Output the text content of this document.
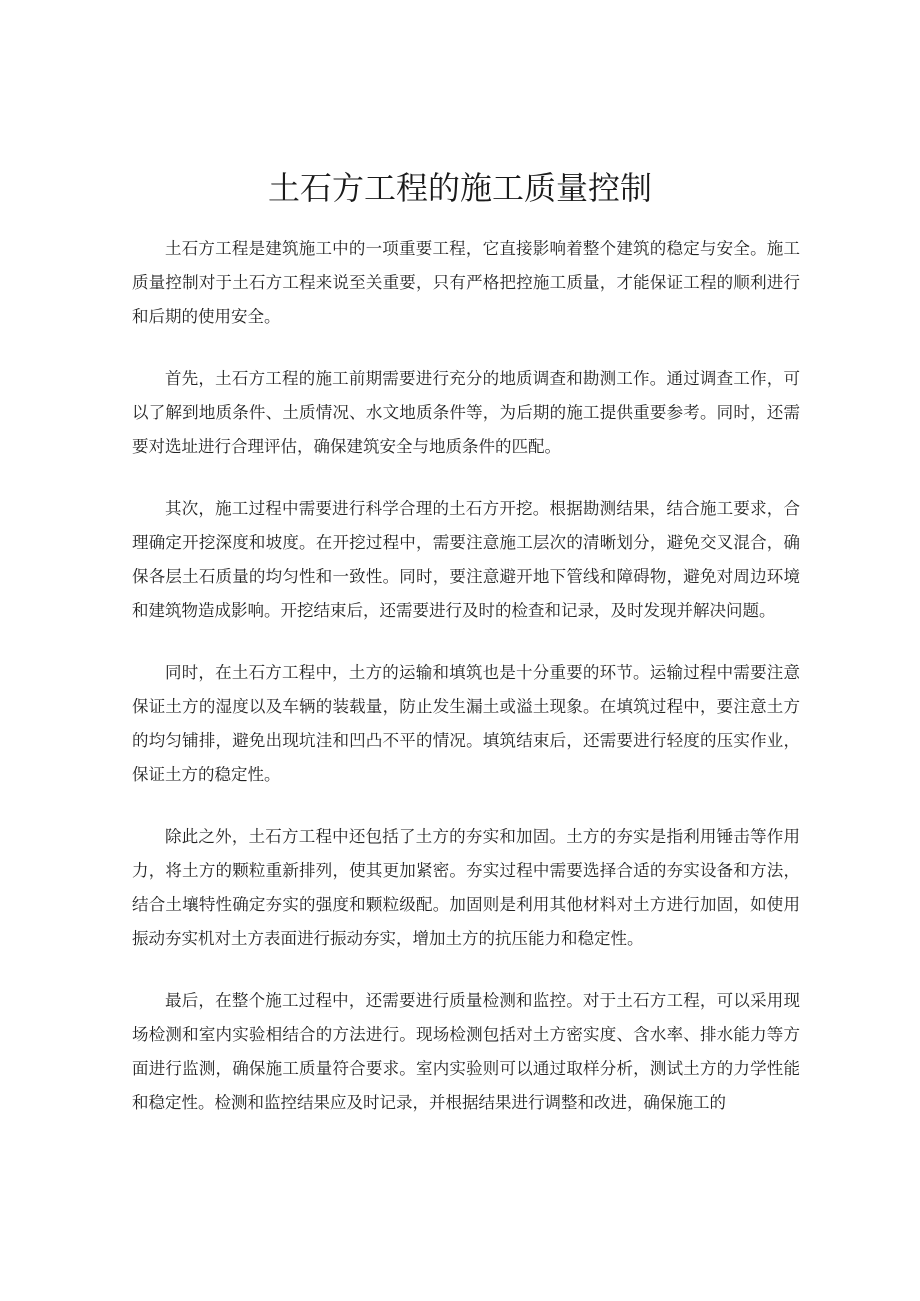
土石方工程的施工质量控制

土石方工程是建筑施工中的一项重要工程，它直接影响着整个建筑的稳定与安全。施工质量控制对于土石方工程来说至关重要，只有严格把控施工质量，才能保证工程的顺利进行和后期的使用安全。

首先，土石方工程的施工前期需要进行充分的地质调查和勘测工作。通过调查工作，可以了解到地质条件、土质情况、水文地质条件等，为后期的施工提供重要参考。同时，还需要对选址进行合理评估，确保建筑安全与地质条件的匹配。

其次，施工过程中需要进行科学合理的土石方开挖。根据勘测结果，结合施工要求，合理确定开挖深度和坡度。在开挖过程中，需要注意施工层次的清晰划分，避免交叉混合，确保各层土石质量的均匀性和一致性。同时，要注意避开地下管线和障碍物，避免对周边环境和建筑物造成影响。开挖结束后，还需要进行及时的检查和记录，及时发现并解决问题。

同时，在土石方工程中，土方的运输和填筑也是十分重要的环节。运输过程中需要注意保证土方的湿度以及车辆的装载量，防止发生漏土或溢土现象。在填筑过程中，要注意土方的均匀铺排，避免出现坑洼和凹凸不平的情况。填筑结束后，还需要进行轻度的压实作业，保证土方的稳定性。

除此之外，土石方工程中还包括了土方的夯实和加固。土方的夯实是指利用锤击等作用力，将土方的颗粒重新排列，使其更加紧密。夯实过程中需要选择合适的夯实设备和方法，结合土壤特性确定夯实的强度和颗粒级配。加固则是利用其他材料对土方进行加固，如使用振动夯实机对土方表面进行振动夯实，增加土方的抗压能力和稳定性。

最后，在整个施工过程中，还需要进行质量检测和监控。对于土石方工程，可以采用现场检测和室内实验相结合的方法进行。现场检测包括对土方密实度、含水率、排水能力等方面进行监测，确保施工质量符合要求。室内实验则可以通过取样分析，测试土方的力学性能和稳定性。检测和监控结果应及时记录，并根据结果进行调整和改进，确保施工的
